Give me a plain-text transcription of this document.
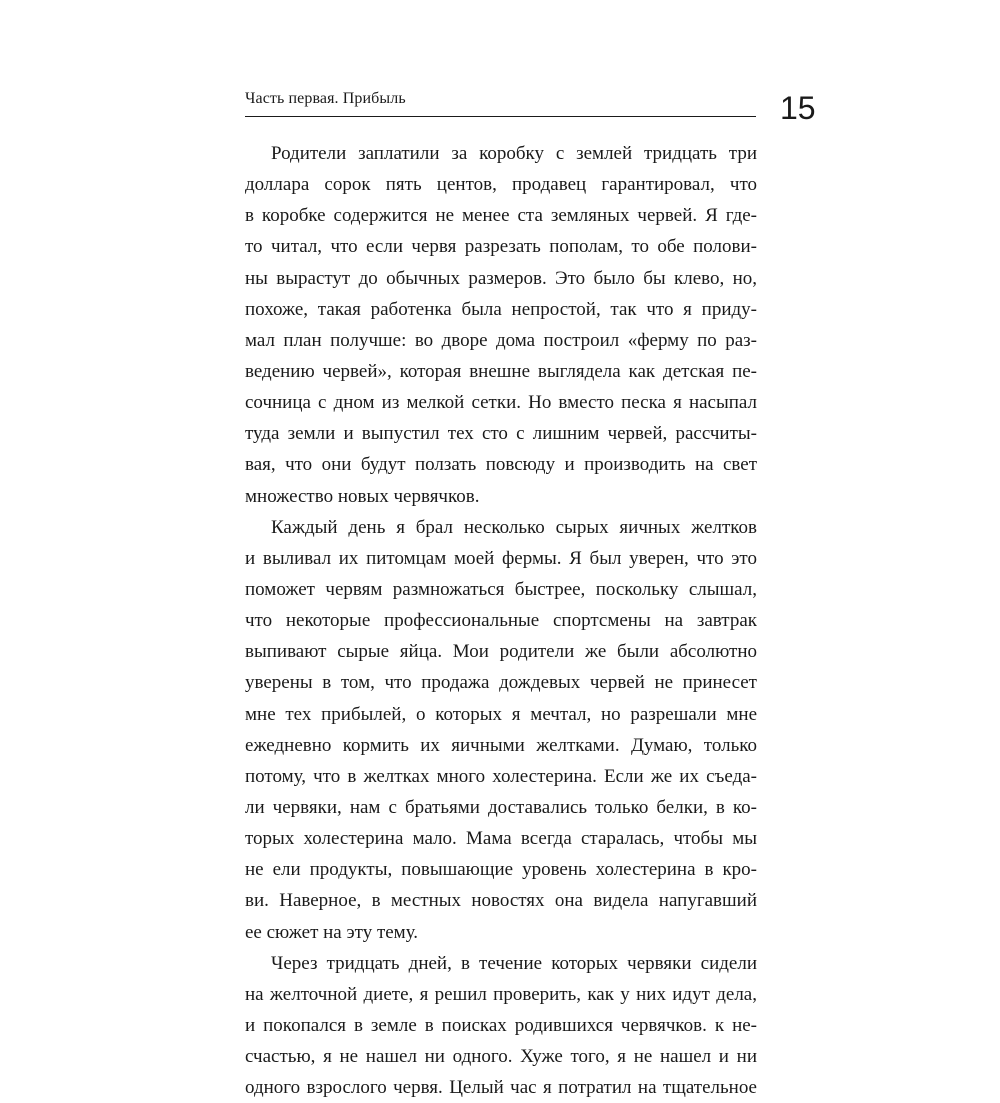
Часть первая. Прибыль	15
Родители заплатили за коробку с землей тридцать три
доллара сорок пять центов, продавец гарантировал, что
в коробке содержится не менее ста земляных червей. Я где-
то читал, что если червя разрезать пополам, то обе полови-
ны вырастут до обычных размеров. Это было бы клево, но,
похоже, такая работенка была непростой, так что я приду-
мал план получше: во дворе дома построил «ферму по раз-
ведению червей», которая внешне выглядела как детская пе-
сочница с дном из мелкой сетки. Но вместо песка я насыпал
туда земли и выпустил тех сто с лишним червей, рассчиты-
вая, что они будут ползать повсюду и производить на свет
множество новых червячков.
Каждый день я брал несколько сырых яичных желтков
и выливал их питомцам моей фермы. Я был уверен, что это
поможет червям размножаться быстрее, поскольку слышал,
что некоторые профессиональные спортсмены на завтрак
выпивают сырые яйца. Мои родители же были абсолютно
уверены в том, что продажа дождевых червей не принесет
мне тех прибылей, о которых я мечтал, но разрешали мне
ежедневно кормить их яичными желтками. Думаю, только
потому, что в желтках много холестерина. Если же их съеда-
ли червяки, нам с братьями доставались только белки, в ко-
торых холестерина мало. Мама всегда старалась, чтобы мы
не ели продукты, повышающие уровень холестерина в кро-
ви. Наверное, в местных новостях она видела напугавший
ее сюжет на эту тему.
Через тридцать дней, в течение которых червяки сидели
на желточной диете, я решил проверить, как у них идут дела,
и покопался в земле в поисках родившихся червячков. к не-
счастью, я не нашел ни одного. Хуже того, я не нашел и ни
одного взрослого червя. Целый час я потратил на тщательное
